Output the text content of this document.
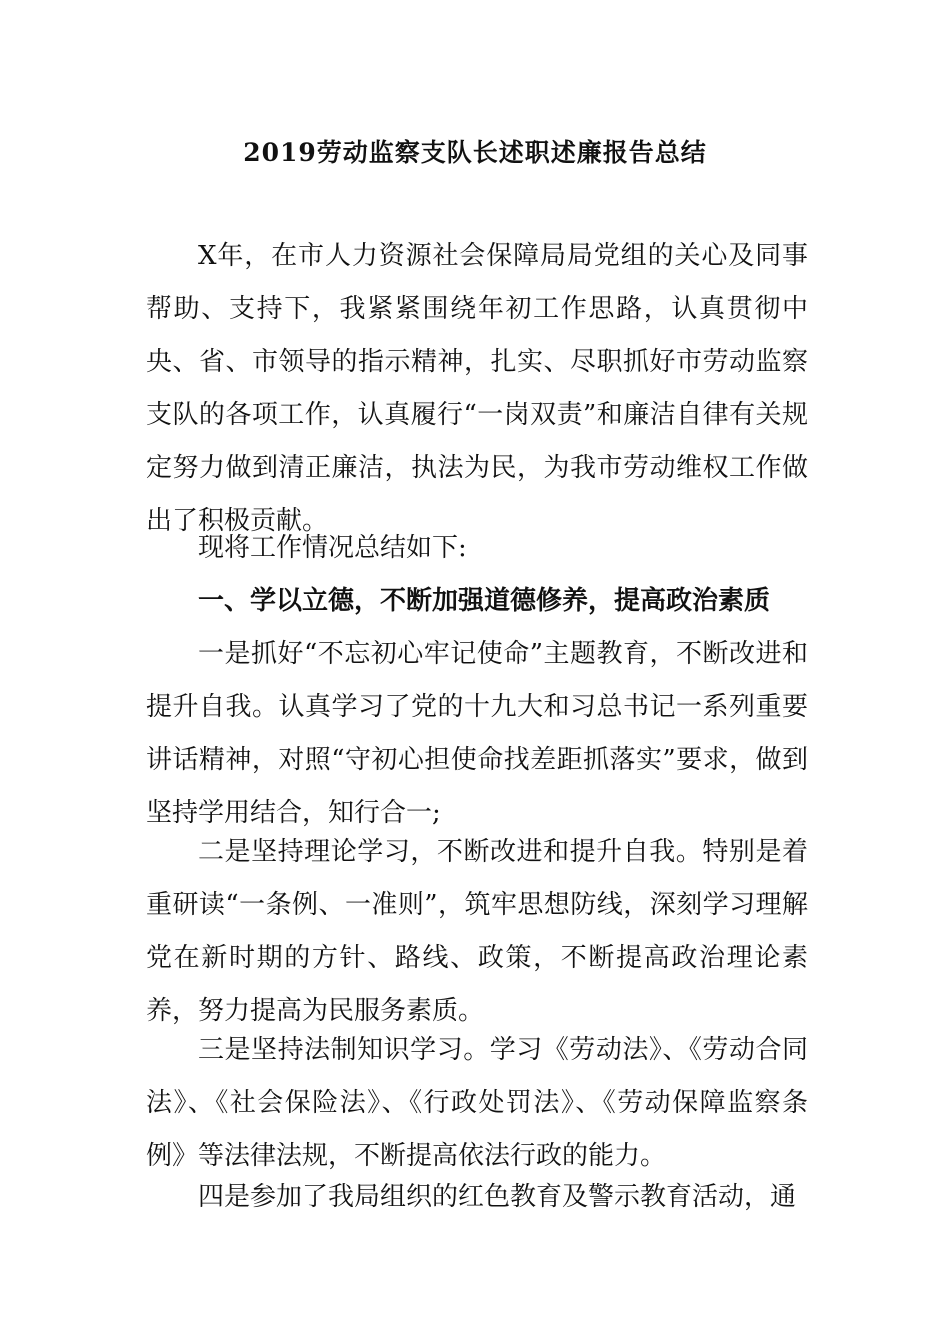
2019劳动监察支队长述职述廉报告总结

X年，在市人力资源社会保障局局党组的关心及同事帮助、支持下，我紧紧围绕年初工作思路，认真贯彻中央、省、市领导的指示精神，扎实、尽职抓好市劳动监察支队的各项工作，认真履行“一岗双责”和廉洁自律有关规定努力做到清正廉洁，执法为民，为我市劳动维权工作做出了积极贡献。

现将工作情况总结如下:

一、学以立德，不断加强道德修养，提高政治素质

一是抓好“不忘初心牢记使命”主题教育，不断改进和提升自我。认真学习了党的十九大和习总书记一系列重要讲话精神，对照“守初心担使命找差距抓落实”要求，做到坚持学用结合，知行合一;

二是坚持理论学习，不断改进和提升自我。特别是着重研读“一条例、一准则”，筑牢思想防线，深刻学习理解党在新时期的方针、路线、政策，不断提高政治理论素养，努力提高为民服务素质。

三是坚持法制知识学习。学习《劳动法》、《劳动合同法》、《社会保险法》、《行政处罚法》、《劳动保障监察条例》等法律法规，不断提高依法行政的能力。

四是参加了我局组织的红色教育及警示教育活动，通
